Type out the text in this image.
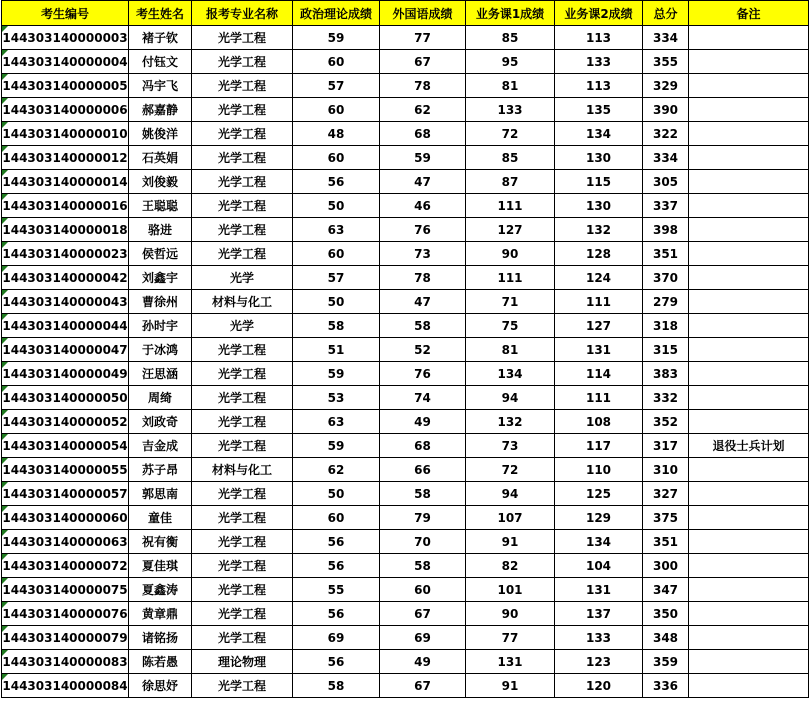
考生编号	考生姓名	报考专业名称	政治理论成绩	外国语成绩	业务课1成绩	业务课2成绩	总分	备注

144303140000003	褚子钦	光学工程	59	77	85	113	334	

144303140000004	付钰文	光学工程	60	67	95	133	355	

144303140000005	冯宇飞	光学工程	57	78	81	113	329	

144303140000006	郝嘉静	光学工程	60	62	133	135	390	

144303140000010	姚俊洋	光学工程	48	68	72	134	322	

144303140000012	石英娟	光学工程	60	59	85	130	334	

144303140000014	刘俊毅	光学工程	56	47	87	115	305	

144303140000016	王聪聪	光学工程	50	46	111	130	337	

144303140000018	骆进	光学工程	63	76	127	132	398	

144303140000023	侯哲远	光学工程	60	73	90	128	351	

144303140000042	刘鑫宇	光学	57	78	111	124	370	

144303140000043	曹徐州	材料与化工	50	47	71	111	279	

144303140000044	孙时宇	光学	58	58	75	127	318	

144303140000047	于冰鸿	光学工程	51	52	81	131	315	

144303140000049	汪思涵	光学工程	59	76	134	114	383	

144303140000050	周绮	光学工程	53	74	94	111	332	

144303140000052	刘政奇	光学工程	63	49	132	108	352	

144303140000054	吉金成	光学工程	59	68	73	117	317	退役士兵计划

144303140000055	苏子昂	材料与化工	62	66	72	110	310	

144303140000057	郭思南	光学工程	50	58	94	125	327	

144303140000060	童佳	光学工程	60	79	107	129	375	

144303140000063	祝有衡	光学工程	56	70	91	134	351	

144303140000072	夏佳琪	光学工程	56	58	82	104	300	

144303140000075	夏鑫涛	光学工程	55	60	101	131	347	

144303140000076	黄章鼎	光学工程	56	67	90	137	350	

144303140000079	诸铭扬	光学工程	69	69	77	133	348	

144303140000083	陈若愚	理论物理	56	49	131	123	359	

144303140000084	徐思妤	光学工程	58	67	91	120	336	
